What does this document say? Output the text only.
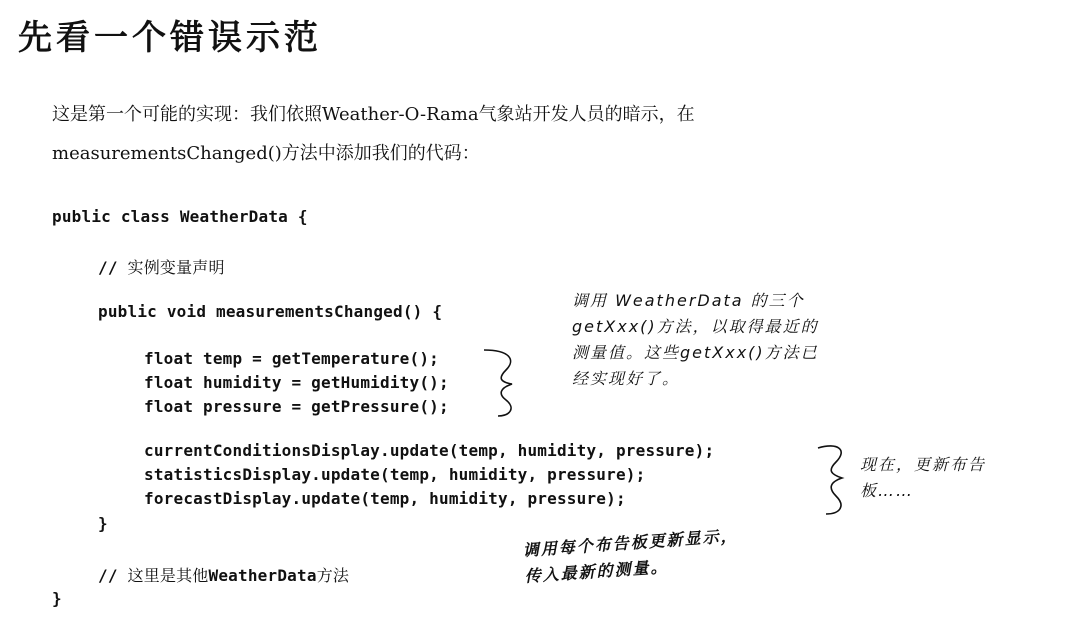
先看一个错误示范
这是第一个可能的实现：我们依照Weather-O-Rama气象站开发人员的暗示，在
measurementsChanged()方法中添加我们的代码：
public class WeatherData {
// 实例变量声明
public void measurementsChanged() {
float temp = getTemperature();
float humidity = getHumidity();
float pressure = getPressure();
currentConditionsDisplay.update(temp, humidity, pressure);
statisticsDisplay.update(temp, humidity, pressure);
forecastDisplay.update(temp, humidity, pressure);
}
// 这里是其他WeatherData方法
}
调用 WeatherData 的三个
getXxx()方法，以取得最近的
测量值。这些getXxx()方法已
经实现好了。
现在，更新布告
板……
调用每个布告板更新显示，
传入最新的测量。
